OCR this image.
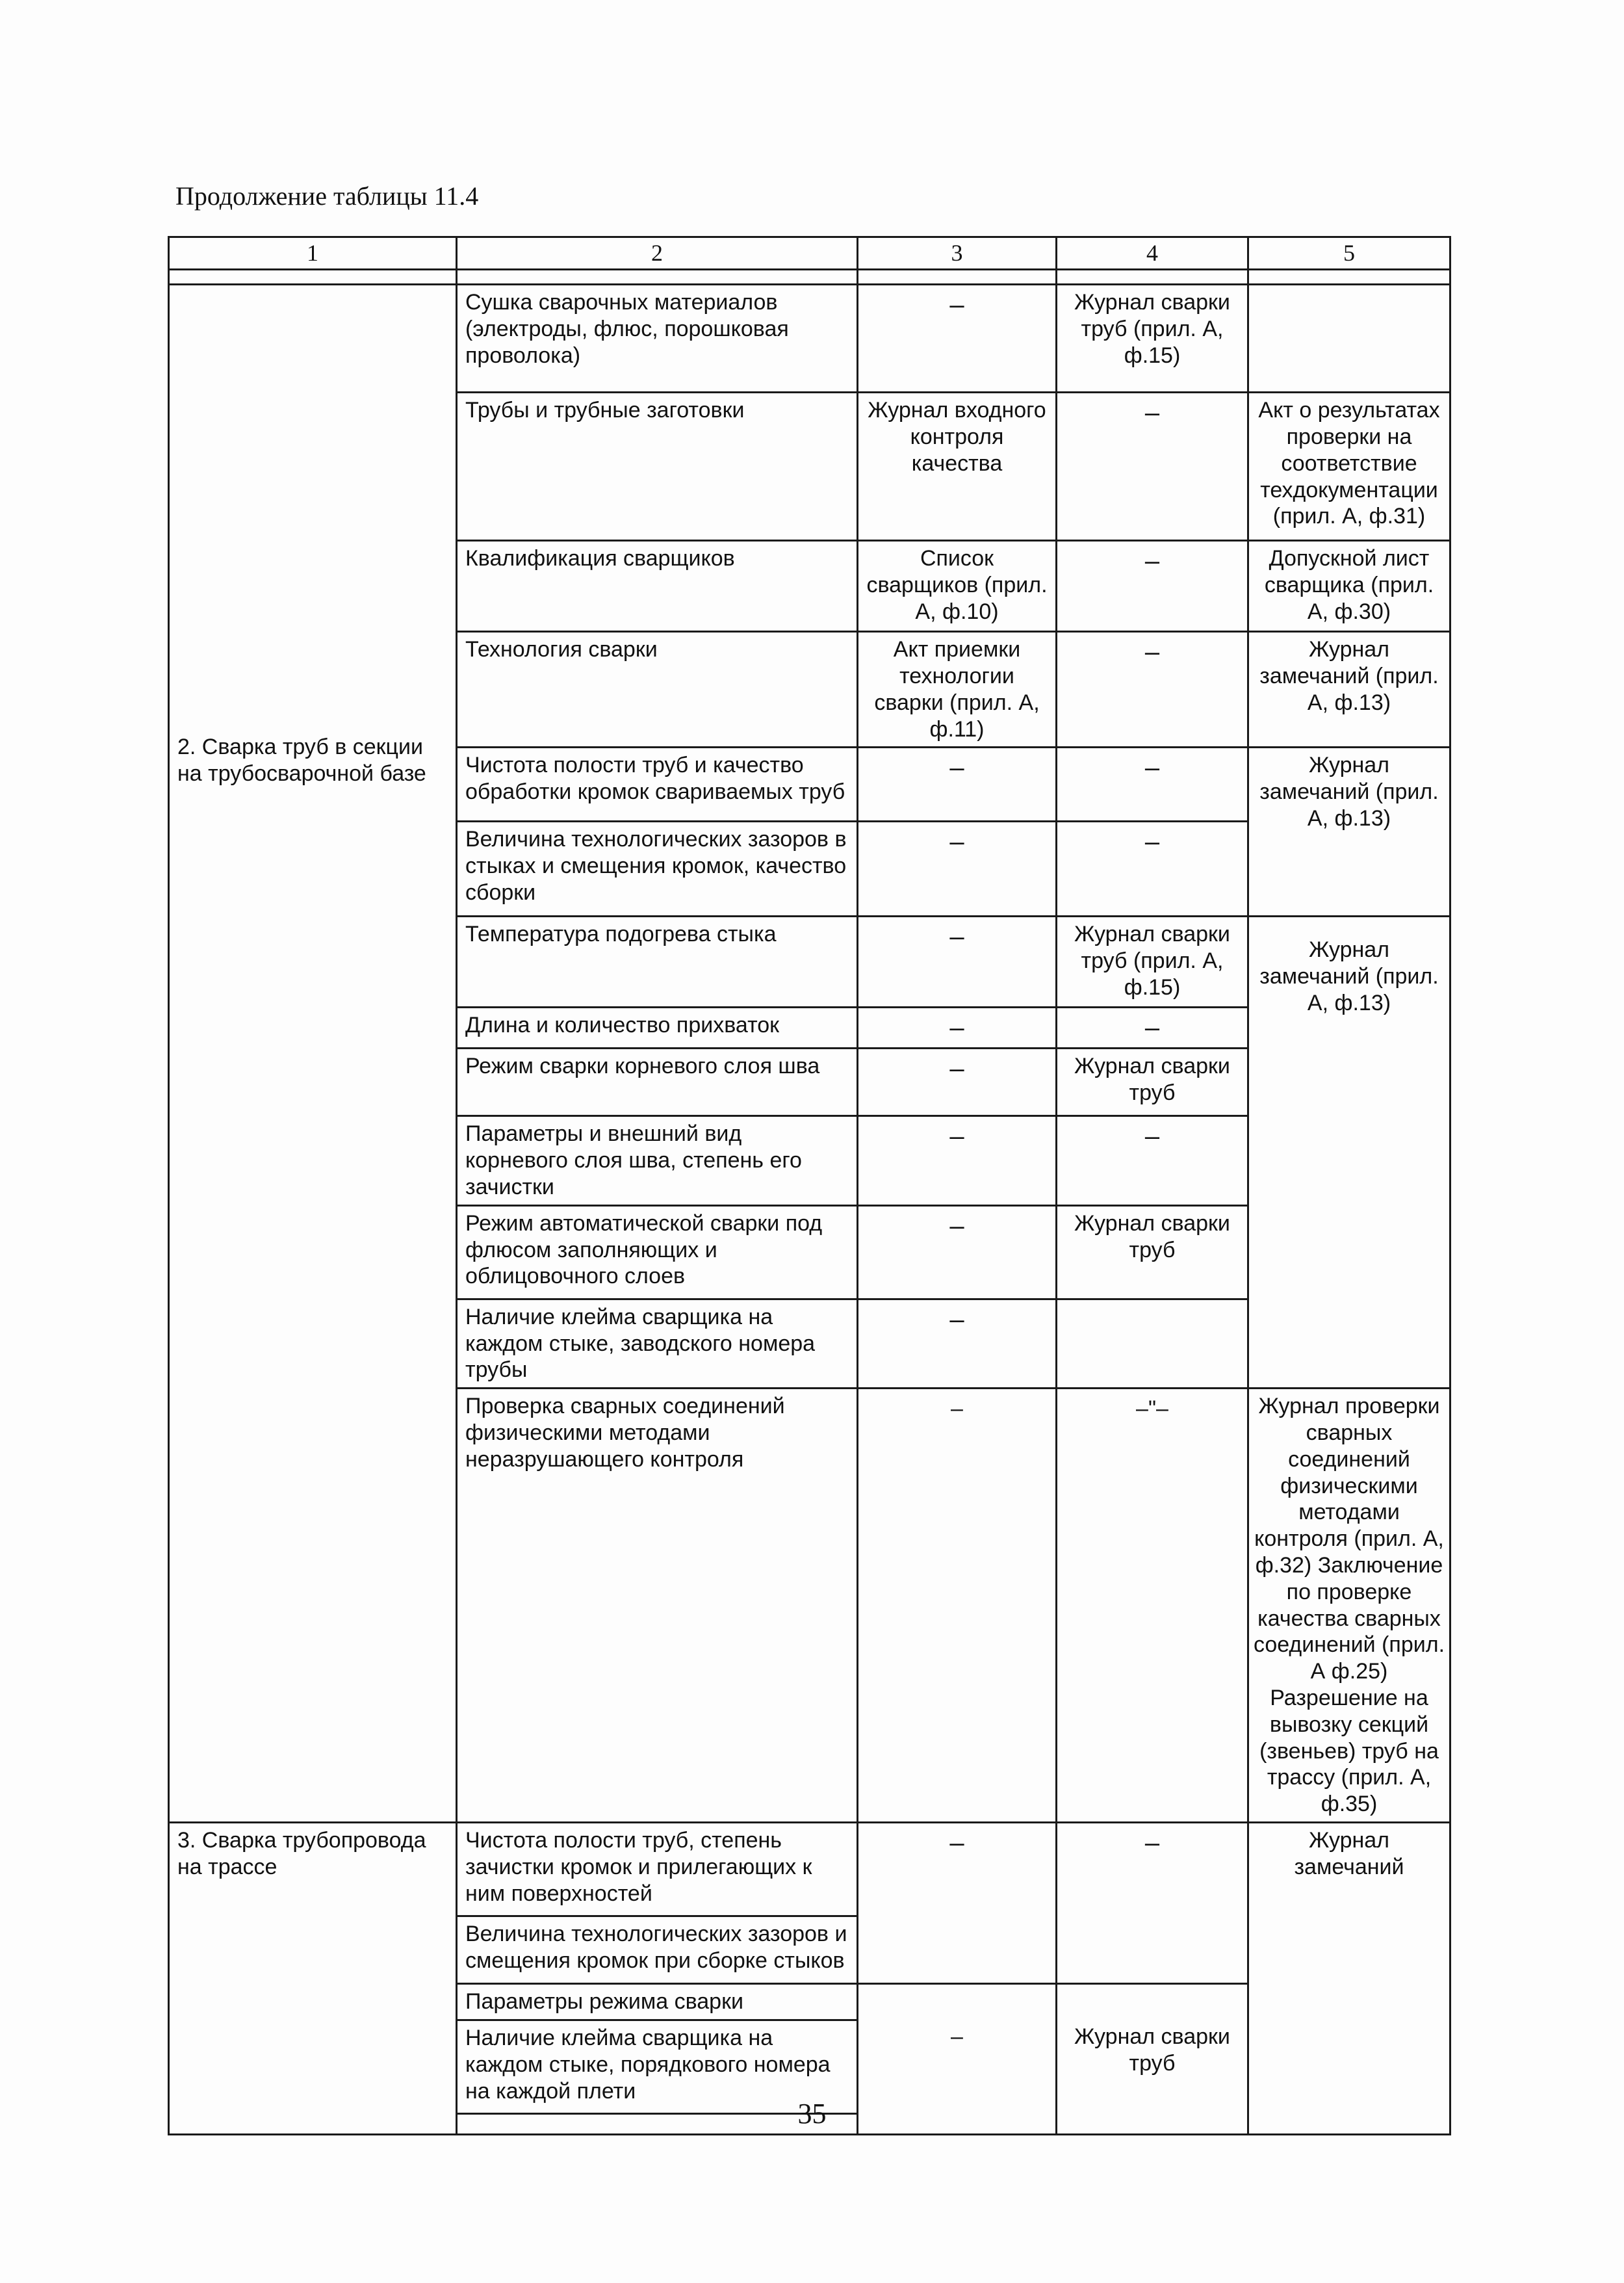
Продолжение таблицы 11.4
1	2	3	4	5

2. Сварка труб в секции на трубосварочной базе	Сушка сварочных материалов (электроды, флюс, порошковая проволока)	–	Журнал сварки труб (прил. А, ф.15)	
	Трубы и трубные заготовки	Журнал входного контроля качества	–	Акт о результатах проверки на соответствие техдокументации (прил. А, ф.31)
	Квалификация сварщиков	Список сварщиков (прил. А, ф.10)	–	Допускной лист сварщика (прил. А, ф.30)
	Технология сварки	Акт приемки технологии сварки (прил. А, ф.11)	–	Журнал замечаний (прил. А, ф.13)
	Чистота полости труб и качество обработки кромок свариваемых труб	–	–	Журнал замечаний (прил. А, ф.13)
	Величина технологических зазоров в стыках и смещения кромок, качество сборки	–	–	
	Температура подогрева стыка	–	Журнал сварки труб (прил. А, ф.15)	Журнал замечаний (прил. А, ф.13)
	Длина и количество прихваток	–	–	
	Режим сварки корневого слоя шва	–	Журнал сварки труб	
	Параметры и внешний вид корневого слоя шва, степень его зачистки	–	–	
	Режим автоматической сварки под флюсом заполняющих и облицовочного слоев	–	Журнал сварки труб	
	Наличие клейма сварщика на каждом стыке, заводского номера трубы	–		
	Проверка сварных соединений физическими методами неразрушающего контроля	–	–"–	Журнал проверки сварных соединений физическими методами контроля (прил. А, ф.32) Заключение по проверке качества сварных соединений (прил. А ф.25) Разрешение на вывозку секций (звеньев) труб на трассу (прил. А, ф.35)
3. Сварка трубопровода на трассе	Чистота полости труб, степень зачистки кромок и прилегающих к ним поверхностей	–	–	Журнал замечаний
	Величина технологических зазоров и смещения кромок при сборке стыков			
	Параметры режима сварки	–	Журнал сварки труб	
	Наличие клейма сварщика на каждом стыке, порядкового номера на каждой плети			

35
